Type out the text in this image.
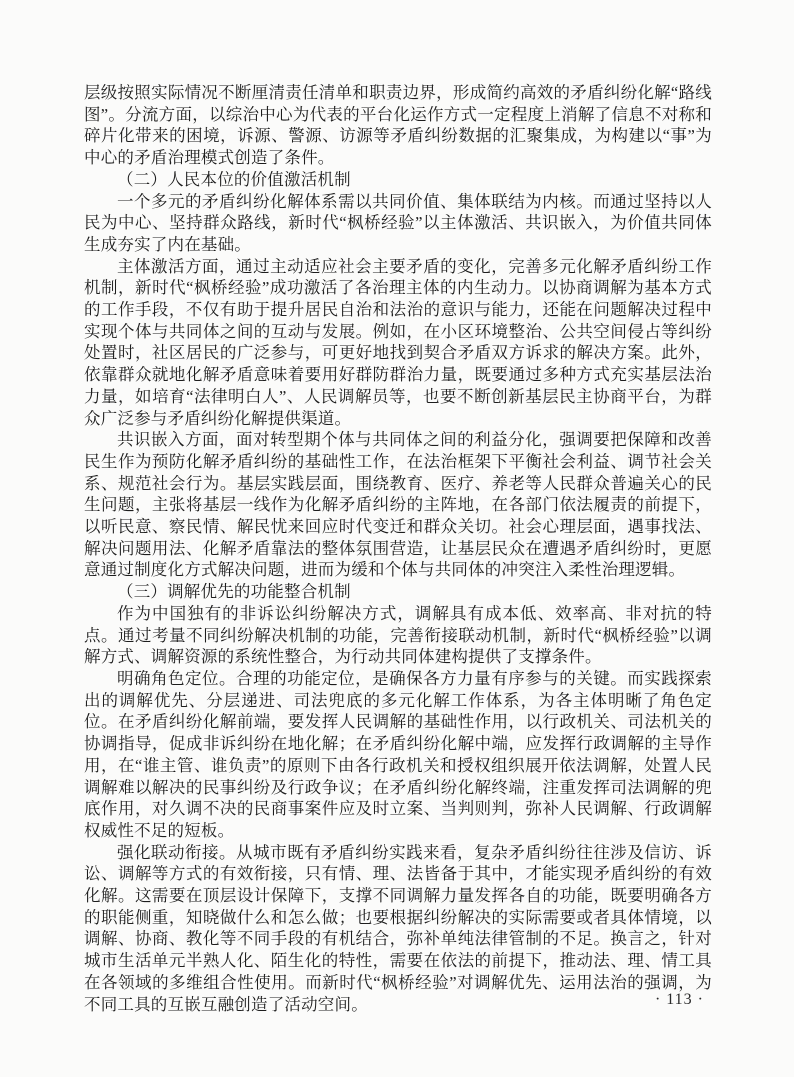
层级按照实际情况不断厘清责任清单和职责边界，形成简约高效的矛盾纠纷化解“路线图”。分流方面，以综治中心为代表的平台化运作方式一定程度上消解了信息不对称和碎片化带来的困境，诉源、警源、访源等矛盾纠纷数据的汇聚集成，为构建以“事”为中心的矛盾治理模式创造了条件。

（二）人民本位的价值激活机制

一个多元的矛盾纠纷化解体系需以共同价值、集体联结为内核。而通过坚持以人民为中心、坚持群众路线，新时代“枫桥经验”以主体激活、共识嵌入，为价值共同体生成夯实了内在基础。

主体激活方面，通过主动适应社会主要矛盾的变化，完善多元化解矛盾纠纷工作机制，新时代“枫桥经验”成功激活了各治理主体的内生动力。以协商调解为基本方式的工作手段，不仅有助于提升居民自治和法治的意识与能力，还能在问题解决过程中实现个体与共同体之间的互动与发展。例如，在小区环境整治、公共空间侵占等纠纷处置时，社区居民的广泛参与，可更好地找到契合矛盾双方诉求的解决方案。此外，依靠群众就地化解矛盾意味着要用好群防群治力量，既要通过多种方式充实基层法治力量，如培育“法律明白人”、人民调解员等，也要不断创新基层民主协商平台，为群众广泛参与矛盾纠纷化解提供渠道。

共识嵌入方面，面对转型期个体与共同体之间的利益分化，强调要把保障和改善民生作为预防化解矛盾纠纷的基础性工作，在法治框架下平衡社会利益、调节社会关系、规范社会行为。基层实践层面，围绕教育、医疗、养老等人民群众普遍关心的民生问题，主张将基层一线作为化解矛盾纠纷的主阵地，在各部门依法履责的前提下，以听民意、察民情、解民忧来回应时代变迁和群众关切。社会心理层面，遇事找法、解决问题用法、化解矛盾靠法的整体氛围营造，让基层民众在遭遇矛盾纠纷时，更愿意通过制度化方式解决问题，进而为缓和个体与共同体的冲突注入柔性治理逻辑。

（三）调解优先的功能整合机制

作为中国独有的非诉讼纠纷解决方式，调解具有成本低、效率高、非对抗的特点。通过考量不同纠纷解决机制的功能，完善衔接联动机制，新时代“枫桥经验”以调解方式、调解资源的系统性整合，为行动共同体建构提供了支撑条件。

明确角色定位。合理的功能定位，是确保各方力量有序参与的关键。而实践探索出的调解优先、分层递进、司法兜底的多元化解工作体系，为各主体明晰了角色定位。在矛盾纠纷化解前端，要发挥人民调解的基础性作用，以行政机关、司法机关的协调指导，促成非诉纠纷在地化解；在矛盾纠纷化解中端，应发挥行政调解的主导作用，在“谁主管、谁负责”的原则下由各行政机关和授权组织展开依法调解，处置人民调解难以解决的民事纠纷及行政争议；在矛盾纠纷化解终端，注重发挥司法调解的兜底作用，对久调不决的民商事案件应及时立案、当判则判，弥补人民调解、行政调解权威性不足的短板。

强化联动衔接。从城市既有矛盾纠纷实践来看，复杂矛盾纠纷往往涉及信访、诉讼、调解等方式的有效衔接，只有情、理、法皆备于其中，才能实现矛盾纠纷的有效化解。这需要在顶层设计保障下，支撑不同调解力量发挥各自的功能，既要明确各方的职能侧重，知晓做什么和怎么做；也要根据纠纷解决的实际需要或者具体情境，以调解、协商、教化等不同手段的有机结合，弥补单纯法律管制的不足。换言之，针对城市生活单元半熟人化、陌生化的特性，需要在依法的前提下，推动法、理、情工具在各领域的多维组合性使用。而新时代“枫桥经验”对调解优先、运用法治的强调，为不同工具的互嵌互融创造了活动空间。	· 113 ·
